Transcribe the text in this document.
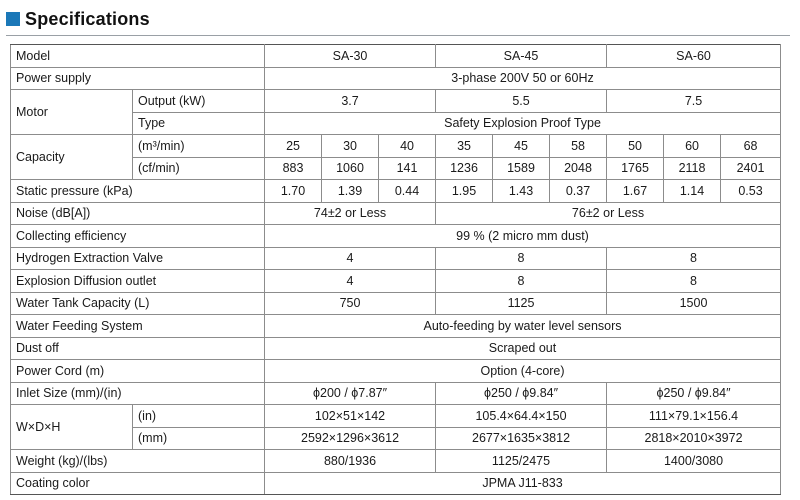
Specifications
Model		SA-30			SA-45			SA-60		
Power supply		3-phase 200V 50 or 60Hz								
Motor	Output (kW)	3.7			5.5			7.5		
	Type	Safety Explosion Proof Type								
Capacity	(m³/min)	25	30	40	35	45	58	50	60	68
	(cf/min)	883	1060	141	1236	1589	2048	1765	2118	2401
Static pressure (kPa)		1.70	1.39	0.44	1.95	1.43	0.37	1.67	1.14	0.53
Noise (dB[A])		74±2 or Less			76±2 or Less					
Collecting efficiency		99 % (2 micro mm dust)								
Hydrogen Extraction Valve		4			8			8		
Explosion Diffusion outlet		4			8			8		
Water Tank Capacity (L)		750			1125			1500		
Water Feeding System		Auto-feeding by water level sensors								
Dust off		Scraped out								
Power Cord (m)		Option (4-core)								
Inlet Size (mm)/(in)		ϕ200 / ϕ7.87″			ϕ250 / ϕ9.84″			ϕ250 / ϕ9.84″		
W×D×H	(in)	102×51×142			105.4×64.4×150			111×79.1×156.4		
	(mm)	2592×1296×3612			2677×1635×3812			2818×2010×3972		
Weight (kg)/(lbs)		880/1936			1125/2475			1400/3080		
Coating color		JPMA J11-833								
